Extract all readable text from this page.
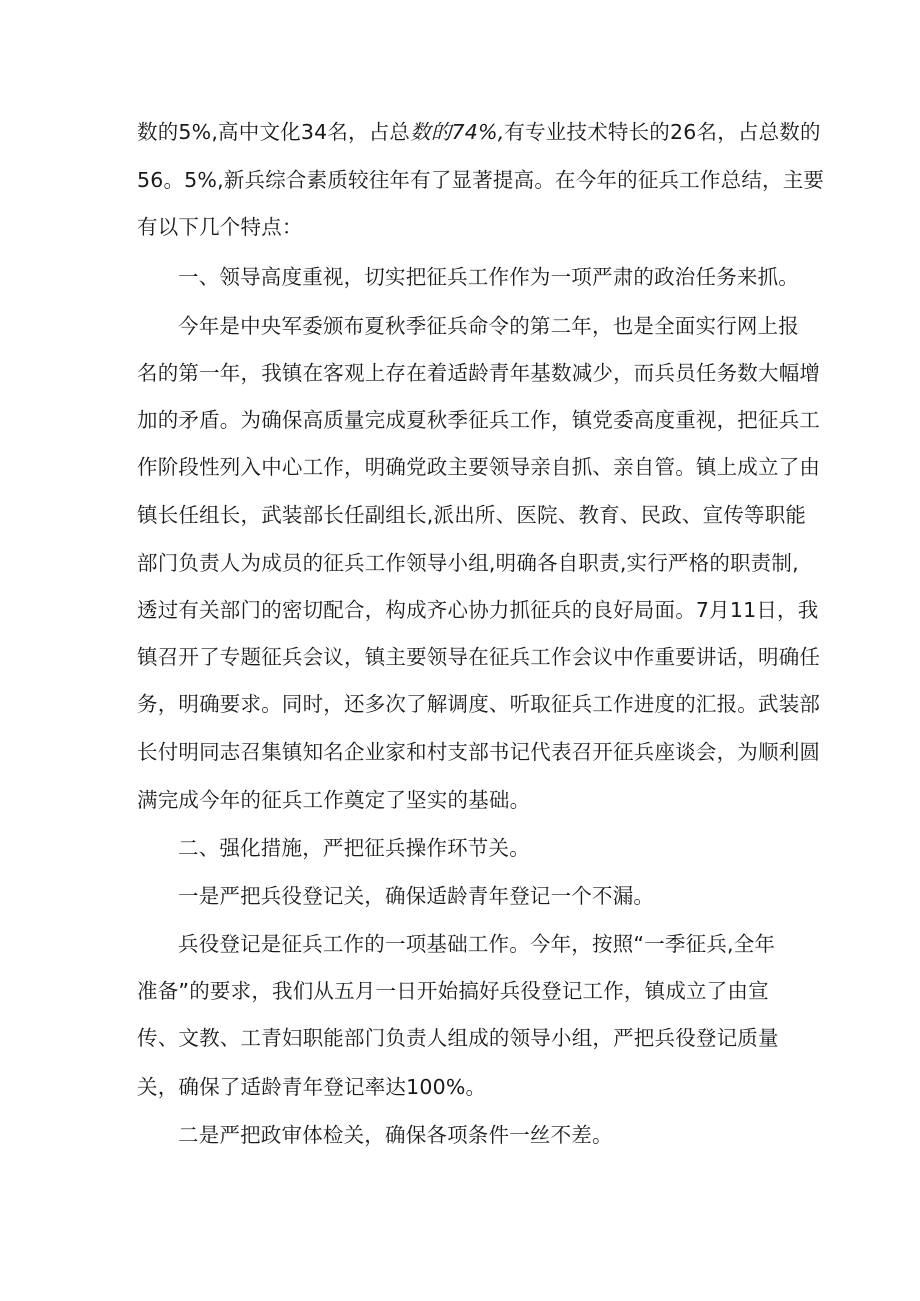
数的5%,高中文化34名，占总数的74%,有专业技术特长的26名，占总数的
56。5%,新兵综合素质较往年有了显著提高。在今年的征兵工作总结，主要
有以下几个特点：
一、领导高度重视，切实把征兵工作作为一项严肃的政治任务来抓。
今年是中央军委颁布夏秋季征兵命令的第二年，也是全面实行网上报
名的第一年，我镇在客观上存在着适龄青年基数减少，而兵员任务数大幅增
加的矛盾。为确保高质量完成夏秋季征兵工作，镇党委高度重视，把征兵工
作阶段性列入中心工作，明确党政主要领导亲自抓、亲自管。镇上成立了由
镇长任组长，武装部长任副组长,派出所、医院、教育、民政、宣传等职能
部门负责人为成员的征兵工作领导小组,明确各自职责,实行严格的职责制,
透过有关部门的密切配合，构成齐心协力抓征兵的良好局面。7月11日，我
镇召开了专题征兵会议，镇主要领导在征兵工作会议中作重要讲话，明确任
务，明确要求。同时，还多次了解调度、听取征兵工作进度的汇报。武装部
长付明同志召集镇知名企业家和村支部书记代表召开征兵座谈会，为顺利圆
满完成今年的征兵工作奠定了坚实的基础。
二、强化措施，严把征兵操作环节关。
一是严把兵役登记关，确保适龄青年登记一个不漏。
兵役登记是征兵工作的一项基础工作。今年，按照“一季征兵,全年
准备”的要求，我们从五月一日开始搞好兵役登记工作，镇成立了由宣
传、文教、工青妇职能部门负责人组成的领导小组，严把兵役登记质量
关，确保了适龄青年登记率达100%。
二是严把政审体检关，确保各项条件一丝不差。
